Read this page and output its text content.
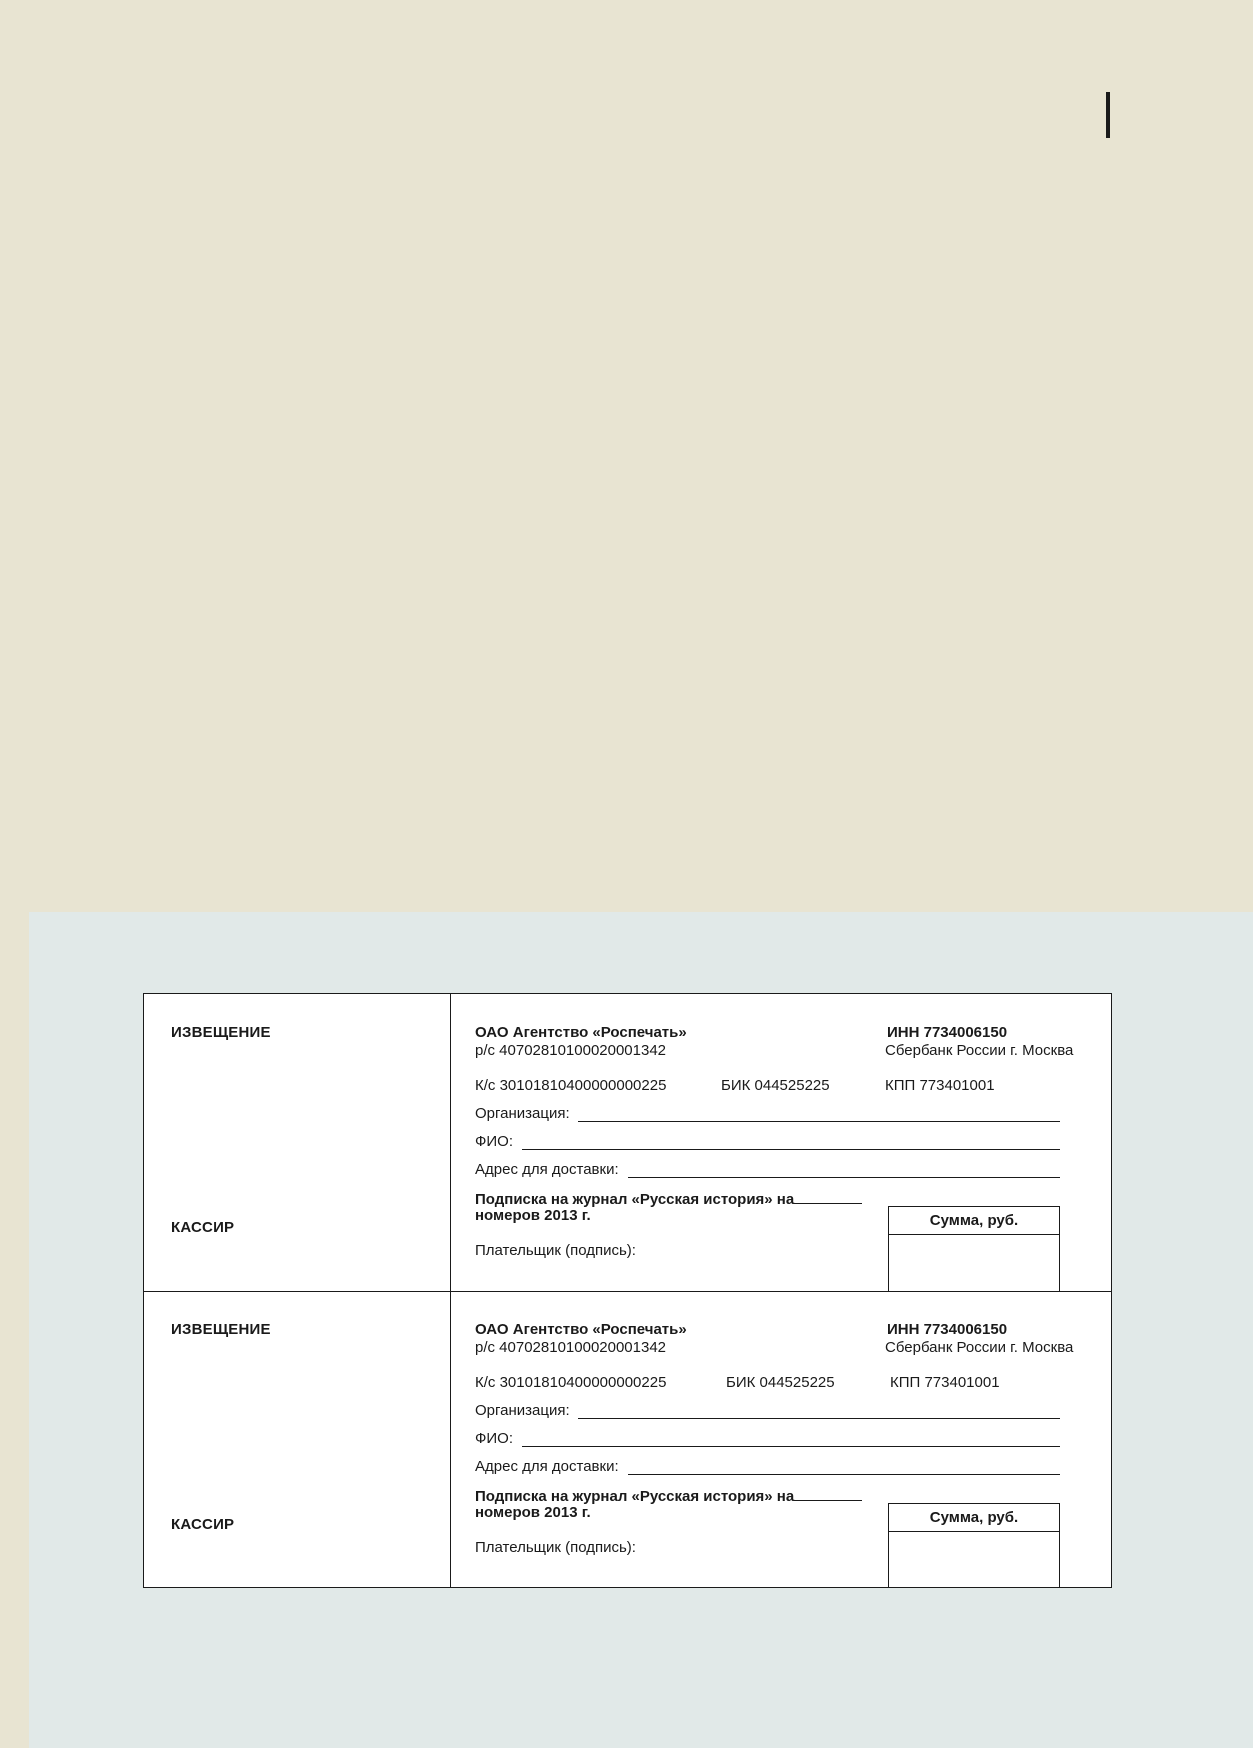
ИЗВЕЩЕНИЕ
КАССИР
ОАО Агентство «Роспечать»	ИНН 7734006150
р/с 40702810100020001342	Сбербанк России г. Москва
К/с 30101810400000000225	БИК 044525225	КПП 773401001
Организация:
ФИО:
Адрес для доставки:
Подписка на журнал «Русская история» на
номеров 2013 г.
Плательщик (подпись):
Сумма, руб.
ИЗВЕЩЕНИЕ
КАССИР
ОАО Агентство «Роспечать»	ИНН 7734006150
р/с 40702810100020001342	Сбербанк России г. Москва
К/с 30101810400000000225	БИК 044525225	КПП 773401001
Организация:
ФИО:
Адрес для доставки:
Подписка на журнал «Русская история» на
номеров 2013 г.
Плательщик (подпись):
Сумма, руб.
